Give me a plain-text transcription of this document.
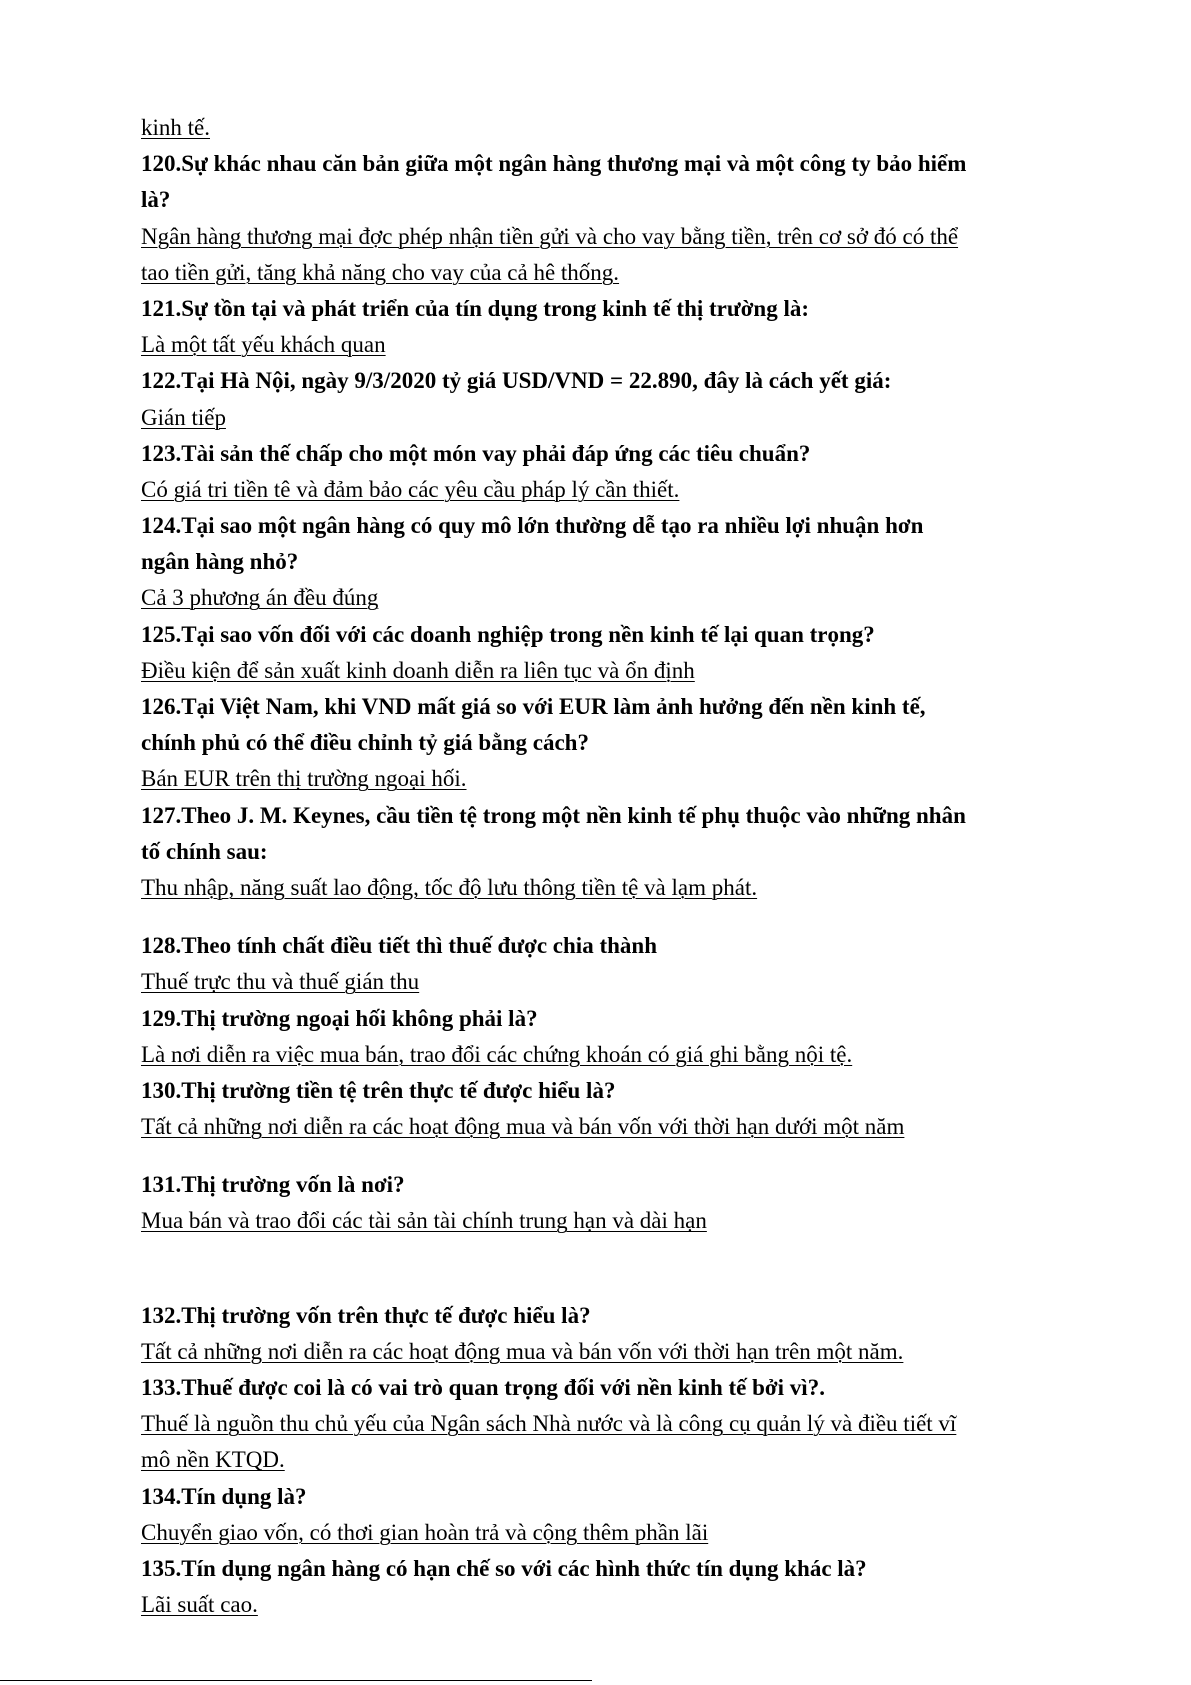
kinh tế.
120.Sự khác nhau căn bản giữa một ngân hàng thương mại và một công ty bảo hiểm
là?
Ngân hàng thương mại đợc phép nhận tiền gửi và cho vay bằng tiền, trên cơ sở đó có thể
tao tiền gửi, tăng khả năng cho vay của cả hê thống.
121.Sự tồn tại và phát triển của tín dụng trong kinh tế thị trường là:
Là một tất yếu khách quan
122.Tại Hà Nội, ngày 9/3/2020 tỷ giá USD/VND = 22.890, đây là cách yết giá:
Gián tiếp
123.Tài sản thế chấp cho một món vay phải đáp ứng các tiêu chuẩn?
Có giá tri tiền tê và đảm bảo các yêu cầu pháp lý cần thiết.
124.Tại sao một ngân hàng có quy mô lớn thường dễ tạo ra nhiều lợi nhuận hơn
ngân hàng nhỏ?
Cả 3 phương án đều đúng
125.Tại sao vốn đối với các doanh nghiệp trong nền kinh tế lại quan trọng?
Điều kiện để sản xuất kinh doanh diễn ra liên tục và ổn định
126.Tại Việt Nam, khi VND mất giá so với EUR làm ảnh hưởng đến nền kinh tế,
chính phủ có thể điều chỉnh tỷ giá bằng cách?
Bán EUR trên thị trường ngoại hối.
127.Theo J. M. Keynes, cầu tiền tệ trong một nền kinh tế phụ thuộc vào những nhân
tố chính sau:
Thu nhập, năng suất lao động, tốc độ lưu thông tiền tệ và lạm phát.
128.Theo tính chất điều tiết thì thuế được chia thành
Thuế trực thu và thuế gián thu
129.Thị trường ngoại hối không phải là?
Là nơi diễn ra việc mua bán, trao đổi các chứng khoán có giá ghi bằng nội tệ.
130.Thị trường tiền tệ trên thực tế được hiểu là?
Tất cả những nơi diễn ra các hoạt động mua và bán vốn với thời hạn dưới một năm
131.Thị trường vốn là nơi?
Mua bán và trao đổi các tài sản tài chính trung hạn và dài hạn
132.Thị trường vốn trên thực tế được hiểu là?
Tất cả những nơi diễn ra các hoạt động mua và bán vốn với thời hạn trên một năm.
133.Thuế được coi là có vai trò quan trọng đối với nền kinh tế bởi vì?.
Thuế là nguồn thu chủ yếu của Ngân sách Nhà nước và là công cụ quản lý và điều tiết vĩ
mô nền KTQD.
134.Tín dụng là?
Chuyển giao vốn, có thơi gian hoàn trả và cộng thêm phần lãi
135.Tín dụng ngân hàng có hạn chế so với các hình thức tín dụng khác là?
Lãi suất cao.
